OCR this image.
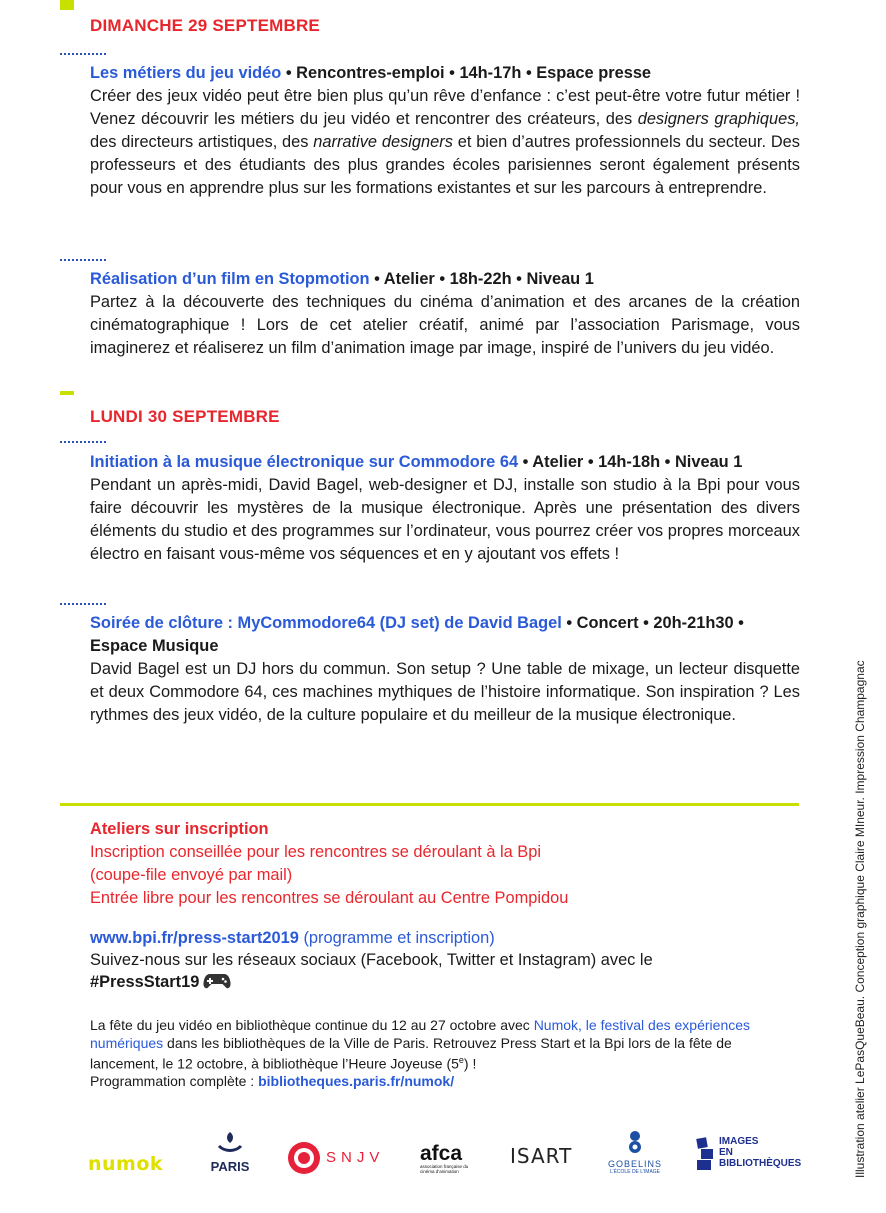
DIMANCHE 29 SEPTEMBRE
Les métiers du jeu vidéo • Rencontres-emploi • 14h-17h • Espace presse

Créer des jeux vidéo peut être bien plus qu’un rêve d’enfance : c’est peut-être votre futur métier ! Venez découvrir les métiers du jeu vidéo et rencontrer des créateurs, des designers graphiques, des directeurs artistiques, des narrative designers et bien d’autres professionnels du secteur. Des professeurs et des étudiants des plus grandes écoles parisiennes seront également présents pour vous en apprendre plus sur les formations existantes et sur les parcours à entreprendre.

Réalisation d’un film en Stopmotion • Atelier • 18h-22h • Niveau 1

Partez à la découverte des techniques du cinéma d’animation et des arcanes de la création cinématographique ! Lors de cet atelier créatif, animé par l’association Parismage, vous imaginerez et réaliserez un film d’animation image par image, inspiré de l’univers du jeu vidéo.

LUNDI 30 SEPTEMBRE
Initiation à la musique électronique sur Commodore 64 • Atelier • 14h-18h • Niveau 1

Pendant un après-midi, David Bagel, web-designer et DJ, installe son studio à la Bpi pour vous faire découvrir les mystères de la musique électronique. Après une présentation des divers éléments du studio et des programmes sur l’ordinateur, vous pourrez créer vos propres morceaux électro en faisant vous-même vos séquences et en y ajoutant vos effets !

Soirée de clôture : MyCommodore64 (DJ set) de David Bagel • Concert • 20h-21h30 • Espace Musique

David Bagel est un DJ hors du commun. Son setup ? Une table de mixage, un lecteur disquette et deux Commodore 64, ces machines mythiques de l’histoire informatique. Son inspiration ? Les rythmes des jeux vidéo, de la culture populaire et du meilleur de la musique électronique.

Ateliers sur inscription
Inscription conseillée pour les rencontres se déroulant à la Bpi
(coupe-file envoyé par mail)
Entrée libre pour les rencontres se déroulant au Centre Pompidou
www.bpi.fr/press-start2019 (programme et inscription)
Suivez-nous sur les réseaux sociaux (Facebook, Twitter et Instagram) avec le
#PressStart19
La fête du jeu vidéo en bibliothèque continue du 12 au 27 octobre avec Numok, le festival des expériences numériques dans les bibliothèques de la Ville de Paris. Retrouvez Press Start et la Bpi lors de la fête de lancement, le 12 octobre, à bibliothèque l’Heure Joyeuse (5e) !
Programmation complète : bibliotheques.paris.fr/numok/
numok	PARIS
SNJV afca
association française du cinéma d’animation
ISART	GOBELINS
L’ÉCOLE DE L’IMAGE
IMAGES
EN
BIBLIOTHÈQUES	Illustration atelier LePasQueBeau. Conception graphique Claire MIneur. Impression Champagnac
